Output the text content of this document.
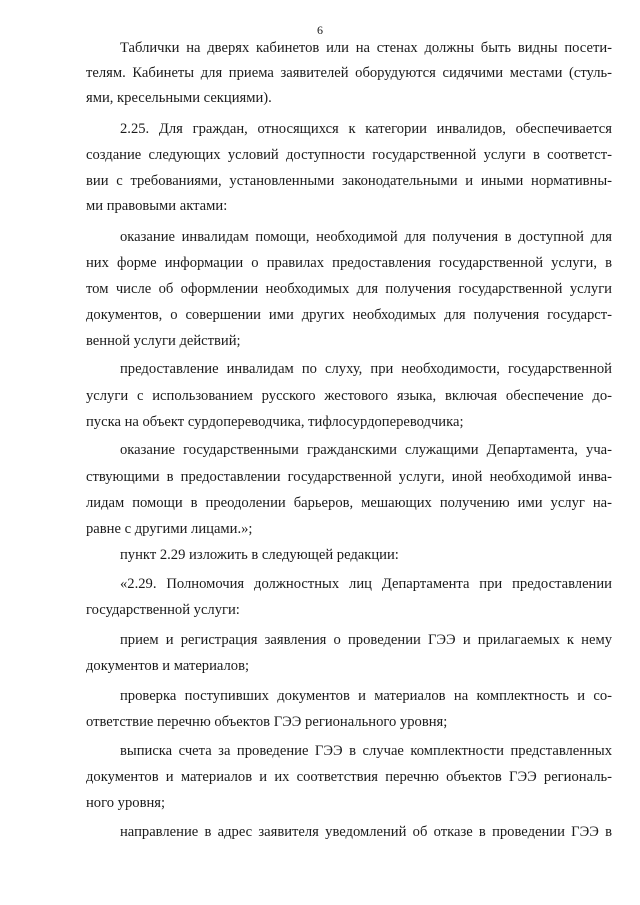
6
Таблички на дверях кабинетов или на стенах должны быть видны посети-
телям. Кабинеты для приема заявителей оборудуются сидячими местами (стуль-
ями, кресельными секциями).
2.25. Для граждан, относящихся к категории инвалидов, обеспечивается
создание следующих условий доступности государственной услуги в соответст-
вии с требованиями, установленными законодательными и иными нормативны-
ми правовыми актами:
оказание инвалидам помощи, необходимой для получения в доступной для
них форме информации о правилах предоставления государственной услуги, в
том числе об оформлении необходимых для получения государственной услуги
документов, о совершении ими других необходимых для получения государст-
венной услуги действий;
предоставление инвалидам по слуху, при необходимости, государственной
услуги с использованием русского жестового языка, включая обеспечение до-
пуска на объект сурдопереводчика, тифлосурдопереводчика;
оказание государственными гражданскими служащими Департамента, уча-
ствующими в предоставлении государственной услуги, иной необходимой инва-
лидам помощи в преодолении барьеров, мешающих получению ими услуг на-
равне с другими лицами.»;
пункт 2.29 изложить в следующей редакции:
«2.29. Полномочия должностных лиц Департамента при предоставлении
государственной услуги:
прием и регистрация заявления о проведении ГЭЭ и прилагаемых к нему
документов и материалов;
проверка поступивших документов и материалов на комплектность и со-
ответствие перечню объектов ГЭЭ регионального уровня;
выписка счета за проведение ГЭЭ в случае комплектности представленных
документов и материалов и их соответствия перечню объектов ГЭЭ региональ-
ного уровня;
направление в адрес заявителя уведомлений об отказе в проведении ГЭЭ в
